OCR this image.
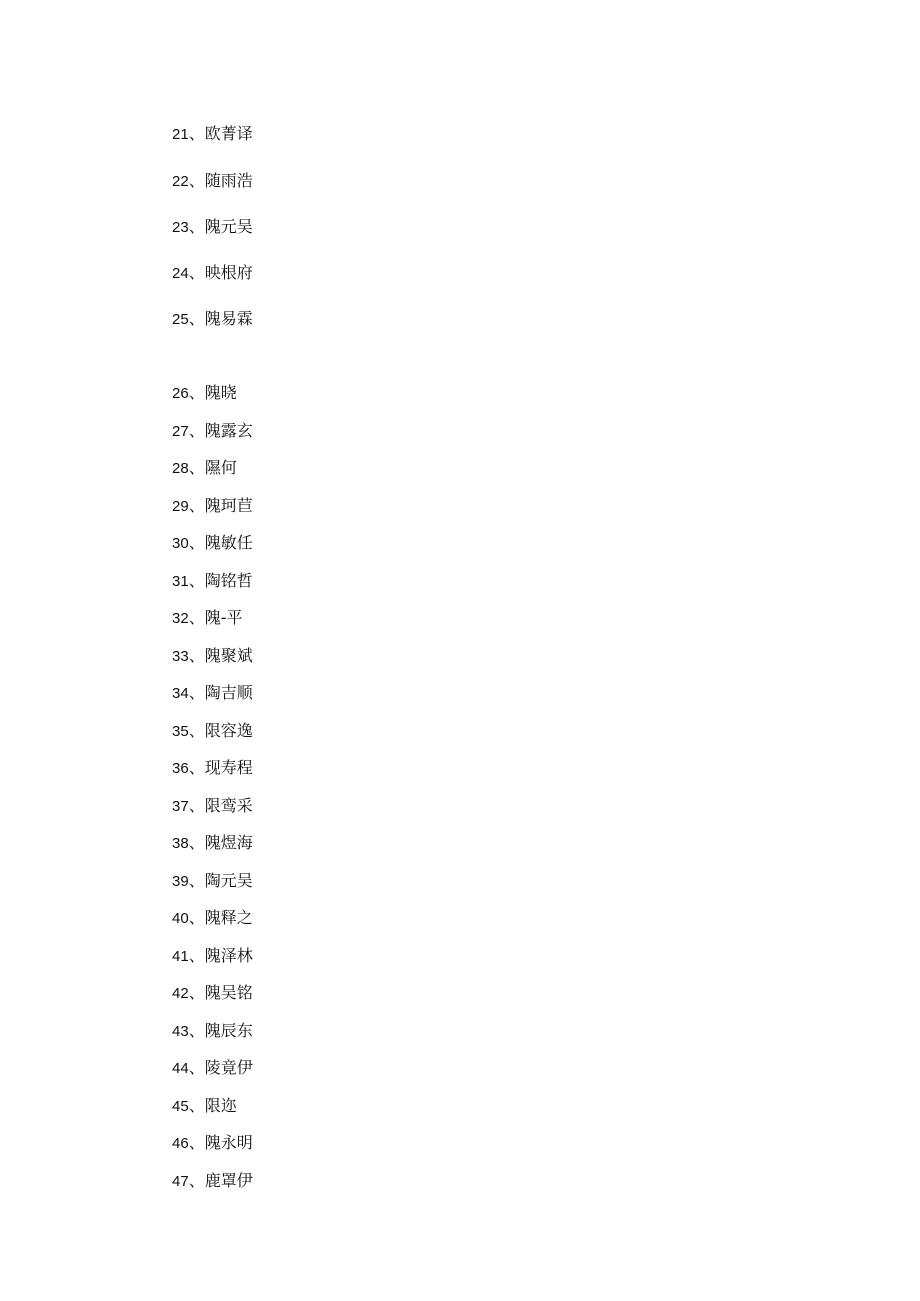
21、欧菁译
22、随雨浩
23、隗元吴
24、映根府
25、隗易霖
26、隗晓
27、隗露玄
28、隰何
29、隗珂苣
30、隗敏任
31、陶铭哲
32、隗-平
33、隗聚斌
34、陶吉顺
35、限容逸
36、现寿程
37、限鸾采
38、隗煜海
39、陶元吴
40、隗释之
41、隗泽林
42、隗吴铭
43、隗辰东
44、陵竟伊
45、限迩
46、隗永明
47、鹿罩伊
